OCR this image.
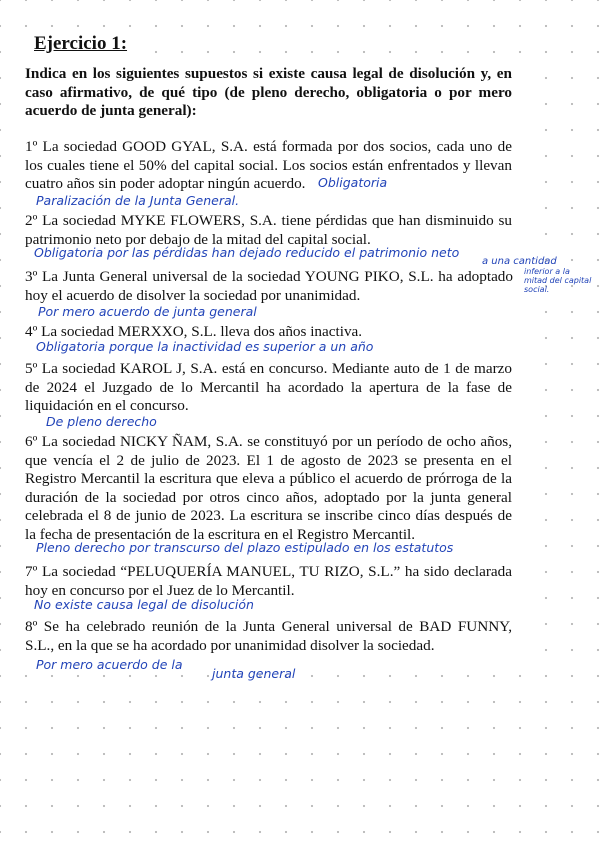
Ejercicio 1:
Indica en los siguientes supuestos si existe causa legal de disolución y, en caso afirmativo, de qué tipo (de pleno derecho, obligatoria o por mero acuerdo de junta general):
1º La sociedad GOOD GYAL, S.A. está formada por dos socios, cada uno de los cuales tiene el 50% del capital social. Los socios están enfrentados y llevan cuatro años sin poder adoptar ningún acuerdo.	Obligatoria
Paralización de la Junta General.
2º La sociedad MYKE FLOWERS, S.A. tiene pérdidas que han disminuido su patrimonio neto por debajo de la mitad del capital social.
Obligatoria por las pérdidas han dejado reducido el patrimonio neto
a una cantidad
inferior a la
mitad del capital
social.
3º La Junta General universal de la sociedad YOUNG PIKO, S.L. ha adoptado hoy el acuerdo de disolver la sociedad por unanimidad.
Por mero acuerdo de junta general
4º La sociedad MERXXO, S.L. lleva dos años inactiva.
Obligatoria porque la inactividad es superior a un año
5º La sociedad KAROL J, S.A. está en concurso. Mediante auto de 1 de marzo de 2024 el Juzgado de lo Mercantil ha acordado la apertura de la fase de liquidación en el concurso.
De pleno derecho
6º La sociedad NICKY ÑAM, S.A. se constituyó por un período de ocho años, que vencía el 2 de julio de 2023. El 1 de agosto de 2023 se presenta en el Registro Mercantil la escritura que eleva a público el acuerdo de prórroga de la duración de la sociedad por otros cinco años, adoptado por la junta general celebrada el 8 de junio de 2023. La escritura se inscribe cinco días después de la fecha de presentación de la escritura en el Registro Mercantil.
Pleno derecho por transcurso del plazo estipulado en los estatutos
7º La sociedad “PELUQUERÍA MANUEL, TU RIZO, S.L.” ha sido declarada hoy en concurso por el Juez de lo Mercantil.
No existe causa legal de disolución
8º Se ha celebrado reunión de la Junta General universal de BAD FUNNY, S.L., en la que se ha acordado por unanimidad disolver la sociedad.
Por mero acuerdo de la
junta general
